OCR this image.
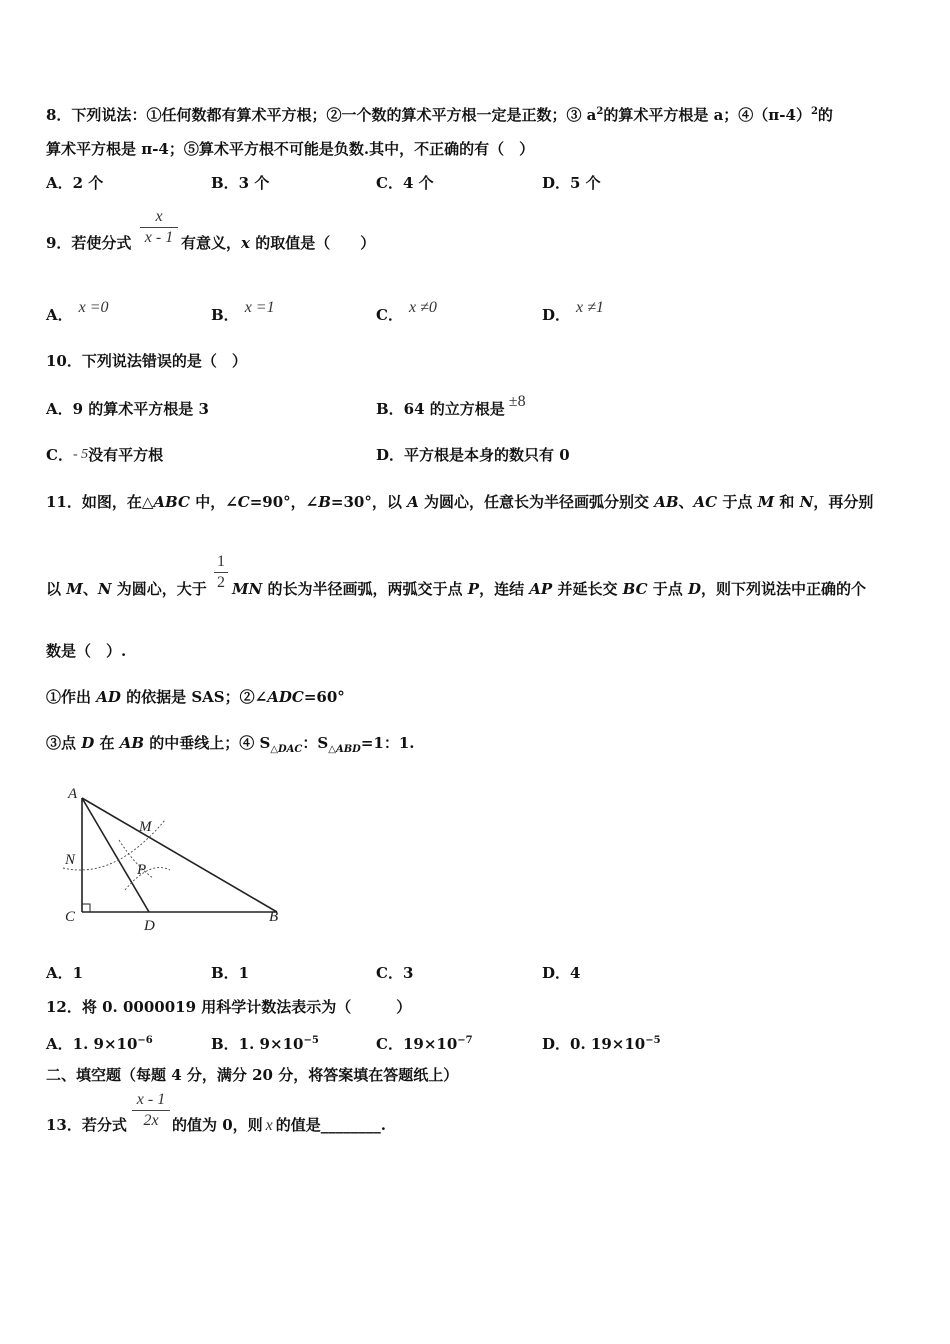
8．下列说法：①任何数都有算术平方根；②一个数的算术平方根一定是正数；③ $a^2$的算术平方根是 a；$④(\pi-4)^2$的
算术平方根是 π-4；⑤算术平方根不可能是负数.其中，不正确的有（　）
A．2 个	B．3 个	C．4 个	D．5 个
9．若使分式
x
x - 1 有意义，x 的取值是（　　）
A． x =0	B． x =1	C． x ≠0	D． x ≠1
10．下列说法错误的是（　）
A．9 的算术平方根是 3	B．64 的立方根是 ±8
C．- 5没有平方根	D．平方根是本身的数只有 0
11．如图，在△ABC 中，∠C=90°，∠B=30°，以 A 为圆心，任意长为半径画弧分别交 AB、AC 于点 M 和 N，再分别
1
2
以 M、N 为圆心，大于 MN 的长为半径画弧，两弧交于点 P，连结 AP 并延长交 BC 于点 D，则下列说法中正确的个
数是（　）.
①作出 AD 的依据是 SAS；②∠ADC=60°
③点 D 在 AB 的中垂线上；④ $S_{\triangle DAC}$：$S_{\triangle ABD}=1$：1.
A
M
N
P
C
D
B
A．1	B．1	C．3	D．4
12．将 0. 0000019 用科学计数法表示为（　　　）
A．1. $9\times 10^{-6}$	B．1. $9\times 10^{-5}$	C．$19\times 10^{-7}$	D．0. $19\times 10^{-5}$
二、填空题（每题 4 分，满分 20 分，将答案填在答题纸上）
13．若分式
x - 1
2x 的值为 0，则 x 的值是________.
